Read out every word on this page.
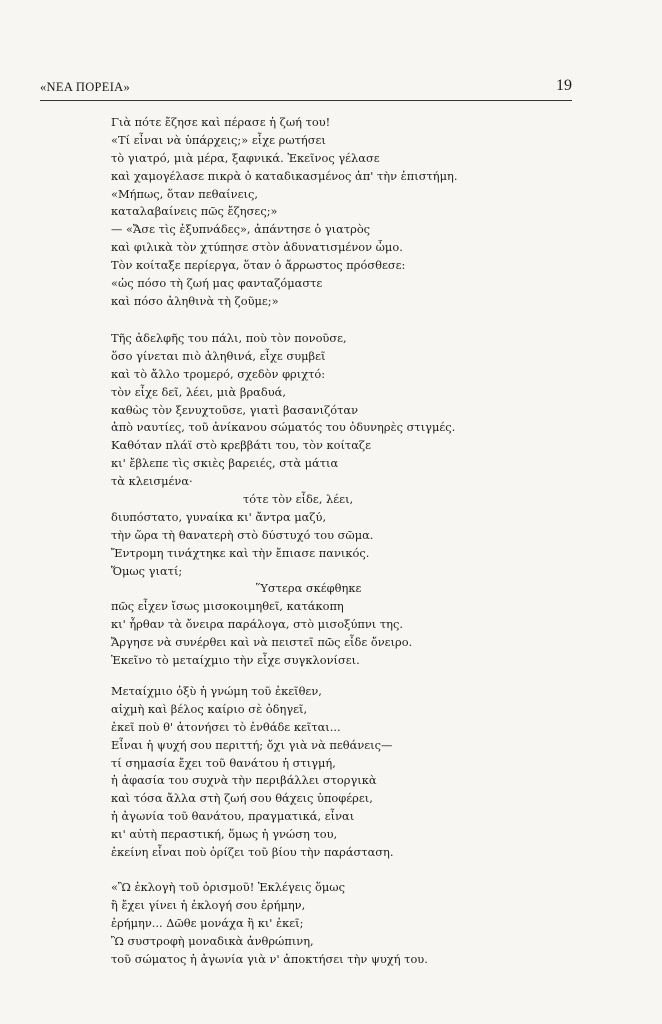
«ΝΕΑ ΠΟΡΕΙΑ»	19
Γιὰ πότε ἔζησε καὶ πέρασε ἡ ζωή του!
«Τί εἶναι νὰ ὑπάρχεις;» εἶχε ρωτήσει
τὸ γιατρό, μιὰ μέρα, ξαφνικά. Ἐκεῖνος γέλασε
καὶ χαμογέλασε πικρὰ ὁ καταδικασμένος ἀπ' τὴν ἐπιστήμη.
«Μήπως, ὅταν πεθαίνεις,
καταλαβαίνεις πῶς ἔζησες;»
— «Ἄσε τὶς ἐξυπνάδες», ἀπάντησε ὁ γιατρὸς
καὶ φιλικὰ τὸν χτύπησε στὸν ἀδυνατισμένον ὦμο.
Τὸν κοίταξε περίεργα, ὅταν ὁ ἄρρωστος πρόσθεσε:
«ὡς πόσο τὴ ζωή μας φανταζόμαστε
καὶ πόσο ἀληθινὰ τὴ ζοῦμε;»
Τῆς ἀδελφῆς του πάλι, ποὺ τὸν πονοῦσε,
ὅσο γίνεται πιὸ ἀληθινά, εἶχε συμβεῖ
καὶ τὸ ἄλλο τρομερό, σχεδὸν φριχτό:
τὸν εἶχε δεῖ, λέει, μιὰ βραδυά,
καθὼς τὸν ξενυχτοῦσε, γιατὶ βασανιζόταν
ἀπὸ ναυτίες, τοῦ ἀνίκανου σώματός του ὀδυνηρὲς στιγμές.
Καθόταν πλάϊ στὸ κρεββάτι του, τὸν κοίταζε
κι' ἔβλεπε τὶς σκιὲς βαρειές, στὰ μάτια
τὰ κλεισμένα·
τότε τὸν εἶδε, λέει,
διυπόστατο, γυναίκα κι' ἄντρα μαζύ,
τὴν ὥρα τὴ θανατερὴ στὸ δύστυχό του σῶμα.
Ἔντρομη τινάχτηκε καὶ τὴν ἔπιασε πανικός.
Ὅμως γιατί;
Ὕστερα σκέφθηκε
πῶς εἶχεν ἴσως μισοκοιμηθεῖ, κατάκοπη
κι' ἦρθαν τὰ ὄνειρα παράλογα, στὸ μισοξύπνι της.
Ἄργησε νὰ συνέρθει καὶ νὰ πειστεῖ πῶς εἶδε ὄνειρο.
Ἐκεῖνο τὸ μεταίχμιο τὴν εἶχε συγκλονίσει.
Μεταίχμιο ὀξὺ ἡ γνώμη τοῦ ἐκεῖθεν,
αἰχμὴ καὶ βέλος καίριο σὲ ὀδηγεῖ,
ἐκεῖ ποὺ θ' ἀτονήσει τὸ ἐνθάδε κεῖται...
Εἶναι ἡ ψυχή σου περιττή; ὄχι γιὰ νὰ πεθάνεις—
τί σημασία ἔχει τοῦ θανάτου ἡ στιγμή,
ἡ ἀφασία του συχνὰ τὴν περιβάλλει στοργικὰ
καὶ τόσα ἄλλα στὴ ζωή σου θάχεις ὑποφέρει,
ἡ ἀγωνία τοῦ θανάτου, πραγματικά, εἶναι
κι' αὐτὴ περαστική, ὅμως ἡ γνώση του,
ἐκείνη εἶναι ποὺ ὁρίζει τοῦ βίου τὴν παράσταση.
«Ὢ ἐκλογὴ τοῦ ὁρισμοῦ! Ἐκλέγεις ὅμως
ἢ ἔχει γίνει ἡ ἐκλογή σου ἐρήμην,
ἐρήμην... Δῶθε μονάχα ἢ κι' ἐκεῖ;
Ὢ συστροφὴ μοναδικὰ ἀνθρώπινη,
τοῦ σώματος ἡ ἀγωνία γιὰ ν' ἀποκτήσει τὴν ψυχή του.
